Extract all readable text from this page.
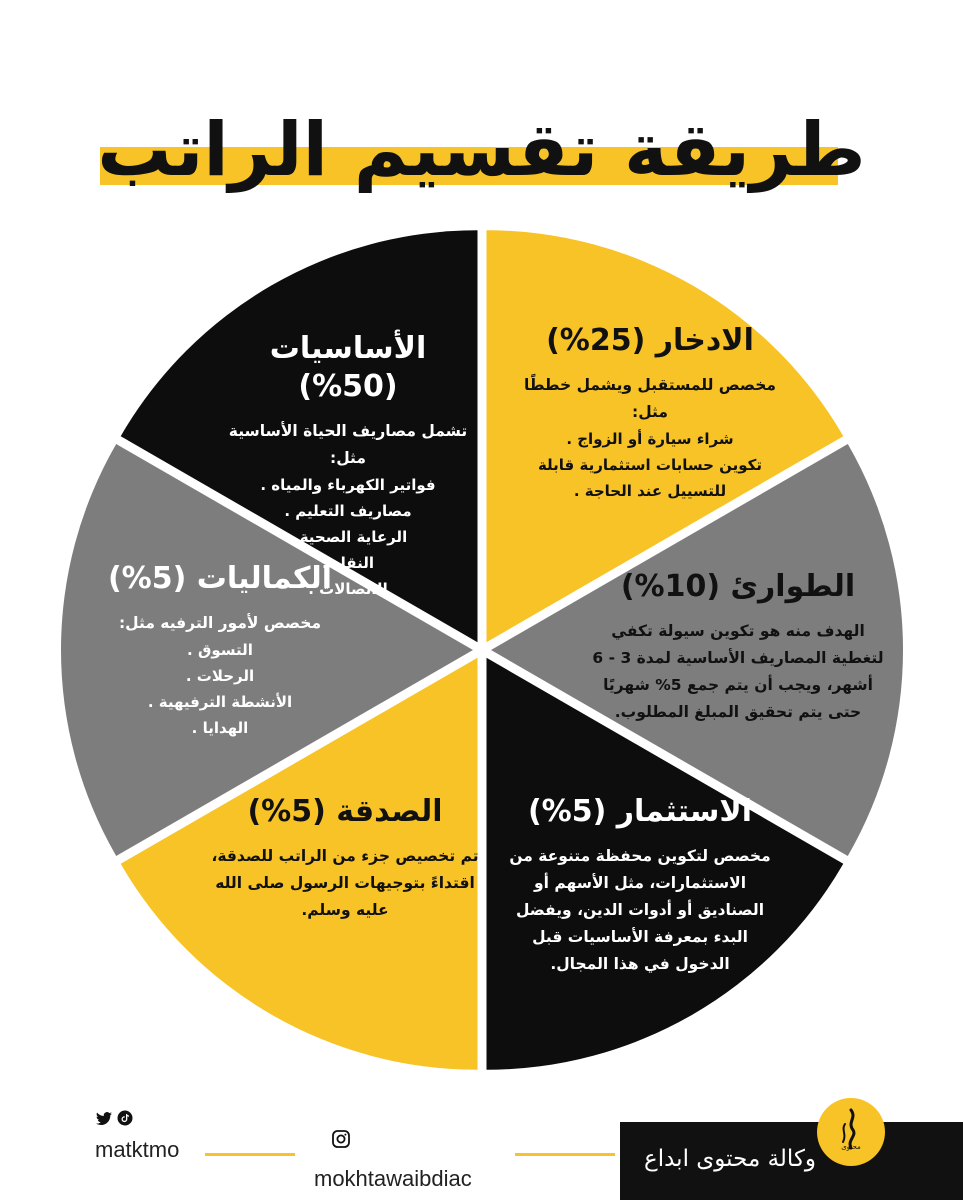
طريقة تقسيم الراتب

الادخار (25%)

مخصص للمستقبل ويشمل خططًا مثل:

شراء سيارة أو الزواج .
تكوين حسابات استثمارية قابلة للتسييل عند الحاجة .

الطوارئ (10%)

الهدف منه هو تكوين سيولة تكفي لتغطية المصاريف الأساسية لمدة 3 - 6 أشهر، ويجب أن يتم جمع 5% شهريًا حتى يتم تحقيق المبلغ المطلوب.

الاستثمار (5%)

مخصص لتكوين محفظة متنوعة من الاستثمارات، مثل الأسهم أو الصناديق أو أدوات الدين، ويفضل البدء بمعرفة الأساسيات قبل الدخول في هذا المجال.

الصدقة (5%)

تم تخصيص جزء من الراتب للصدقة، اقتداءً بتوجيهات الرسول صلى الله عليه وسلم.

الكماليات (5%)

مخصص لأمور الترفيه مثل:

التسوق .
الرحلات .
الأنشطة الترفيهية .
الهدايا .

الأساسيات (50%)

تشمل مصاريف الحياة الأساسية مثل:

فواتير الكهرباء والمياه .
مصاريف التعليم .
الرعاية الصحية .
النقل .
الاتصالات .
matktmo
mokhtawaibdiac
وكالة محتوى ابداع	محتوى
